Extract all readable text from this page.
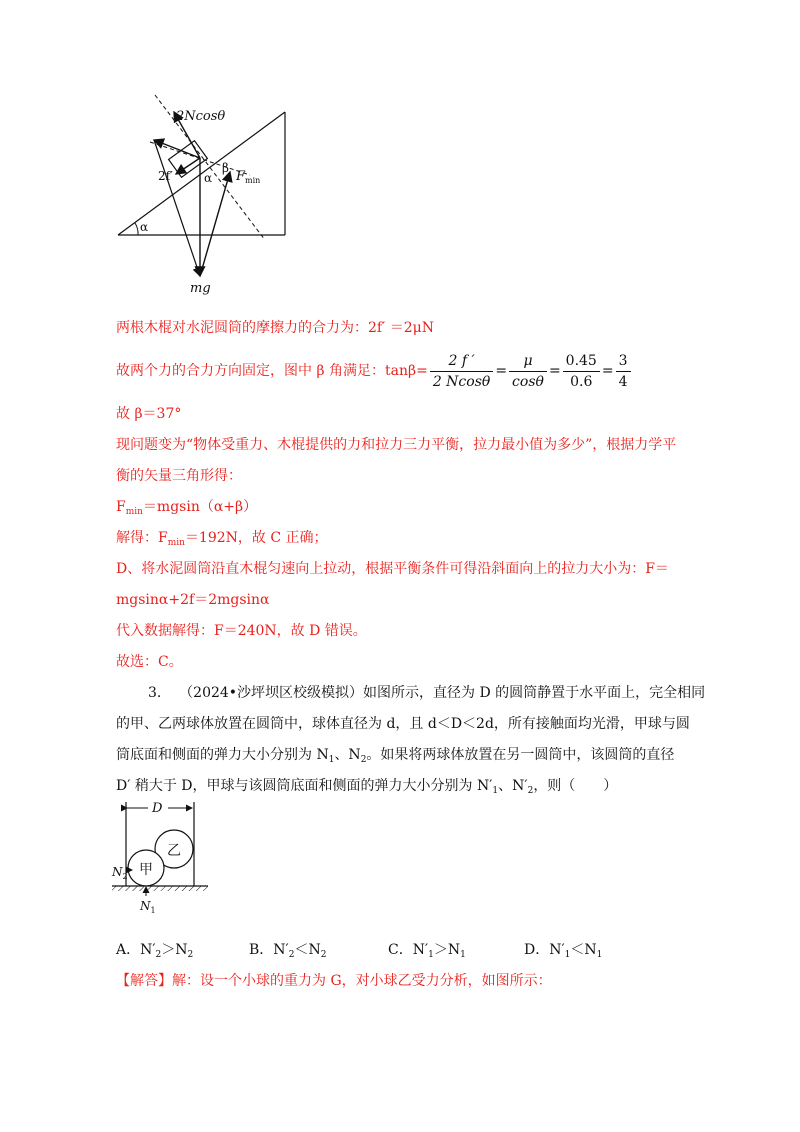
2Ncosθ
2f′	α
β
$F_{min}$
α
mg
两根木棍对水泥圆筒的摩擦力的合力为：2f′ ＝2μN
故两个力的合力方向固定，图中 β 角满足：$\tan\beta= \frac{2 f '}{2 Ncos\theta} = \frac{\mu}{\cos\theta} = \frac{0.45}{0.6} = \frac{3}{4}$
故 β＝37°
现问题变为“物体受重力、木棍提供的力和拉力三力平衡，拉力最小值为多少”，根据力学平
衡的矢量三角形得：
$F_{min}=mgsin(\alpha+\beta)$
解得：$F_{min}=192N$，故 C 正确；
D、将水泥圆筒沿直木棍匀速向上拉动，根据平衡条件可得沿斜面向上的拉力大小为：F＝
mgsinα+2f＝2mgsinα
代入数据解得：F＝240N，故 D 错误。
故选：C。
3. （2024•沙坪坝区校级模拟）如图所示，直径为 D 的圆筒静置于水平面上，完全相同
的甲、乙两球体放置在圆筒中，球体直径为 d，且 d＜D＜2d，所有接触面均光滑，甲球与圆
筒底面和侧面的弹力大小分别为 $N_1$、$N_2$。如果将两球体放置在另一圆筒中，该圆筒的直径
D′ 稍大于 D，甲球与该圆筒底面和侧面的弹力大小分别为 $N'_1$、$N'_2$，则（　　）
D
乙
甲
$N_2$
$N_1$
A．$N'_2>N_2$	B．$N'_2<N_2$	C．$N'_1>N_1$	D．$N'_1<N_1$
【解答】解：设一个小球的重力为 G，对小球乙受力分析，如图所示：
